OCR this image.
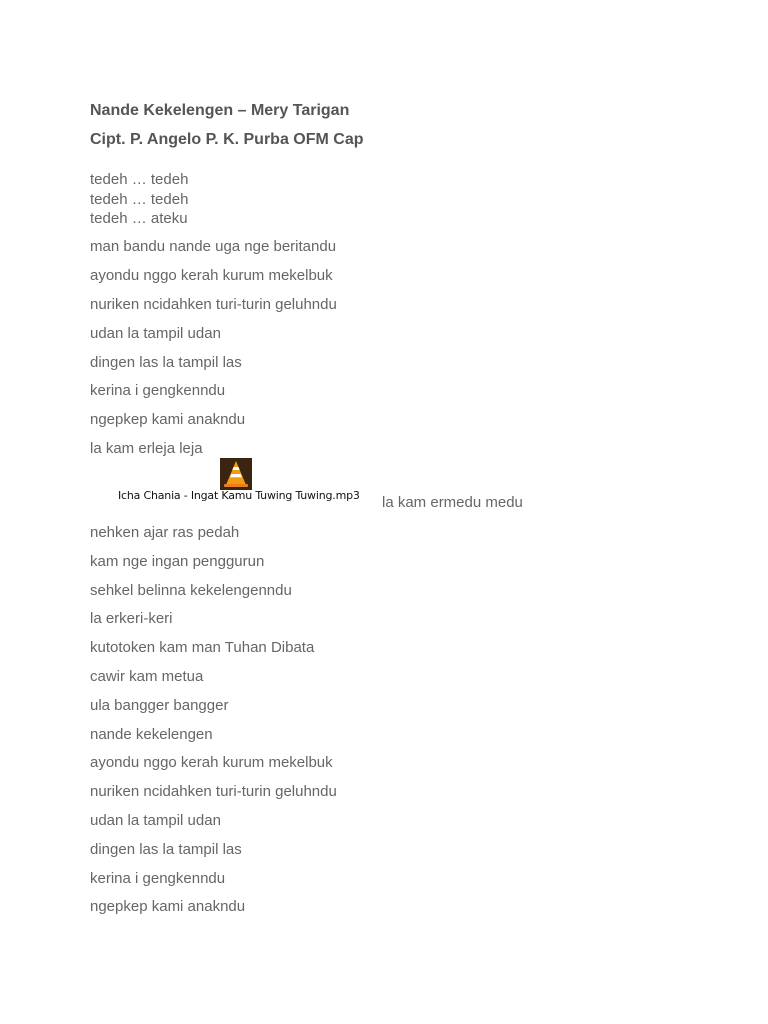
Nande Kekelengen – Mery Tarigan
Cipt. P. Angelo P. K. Purba OFM Cap
tedeh … tedeh
tedeh … tedeh
tedeh … ateku
man bandu nande uga nge beritandu
ayondu nggo kerah kurum mekelbuk
nuriken ncidahken turi-turin geluhndu
udan la tampil udan
dingen las la tampil las
kerina i gengkenndu
ngepkep kami anakndu
la kam erleja leja
Icha Chania - Ingat Kamu Tuwing Tuwing.mp3 la kam ermedu medu
nehken ajar ras pedah
kam nge ingan penggurun
sehkel belinna kekelengenndu
la erkeri-keri
kutotoken kam man Tuhan Dibata
cawir kam metua
ula bangger bangger
nande kekelengen
ayondu nggo kerah kurum mekelbuk
nuriken ncidahken turi-turin geluhndu
udan la tampil udan
dingen las la tampil las
kerina i gengkenndu
ngepkep kami anakndu
